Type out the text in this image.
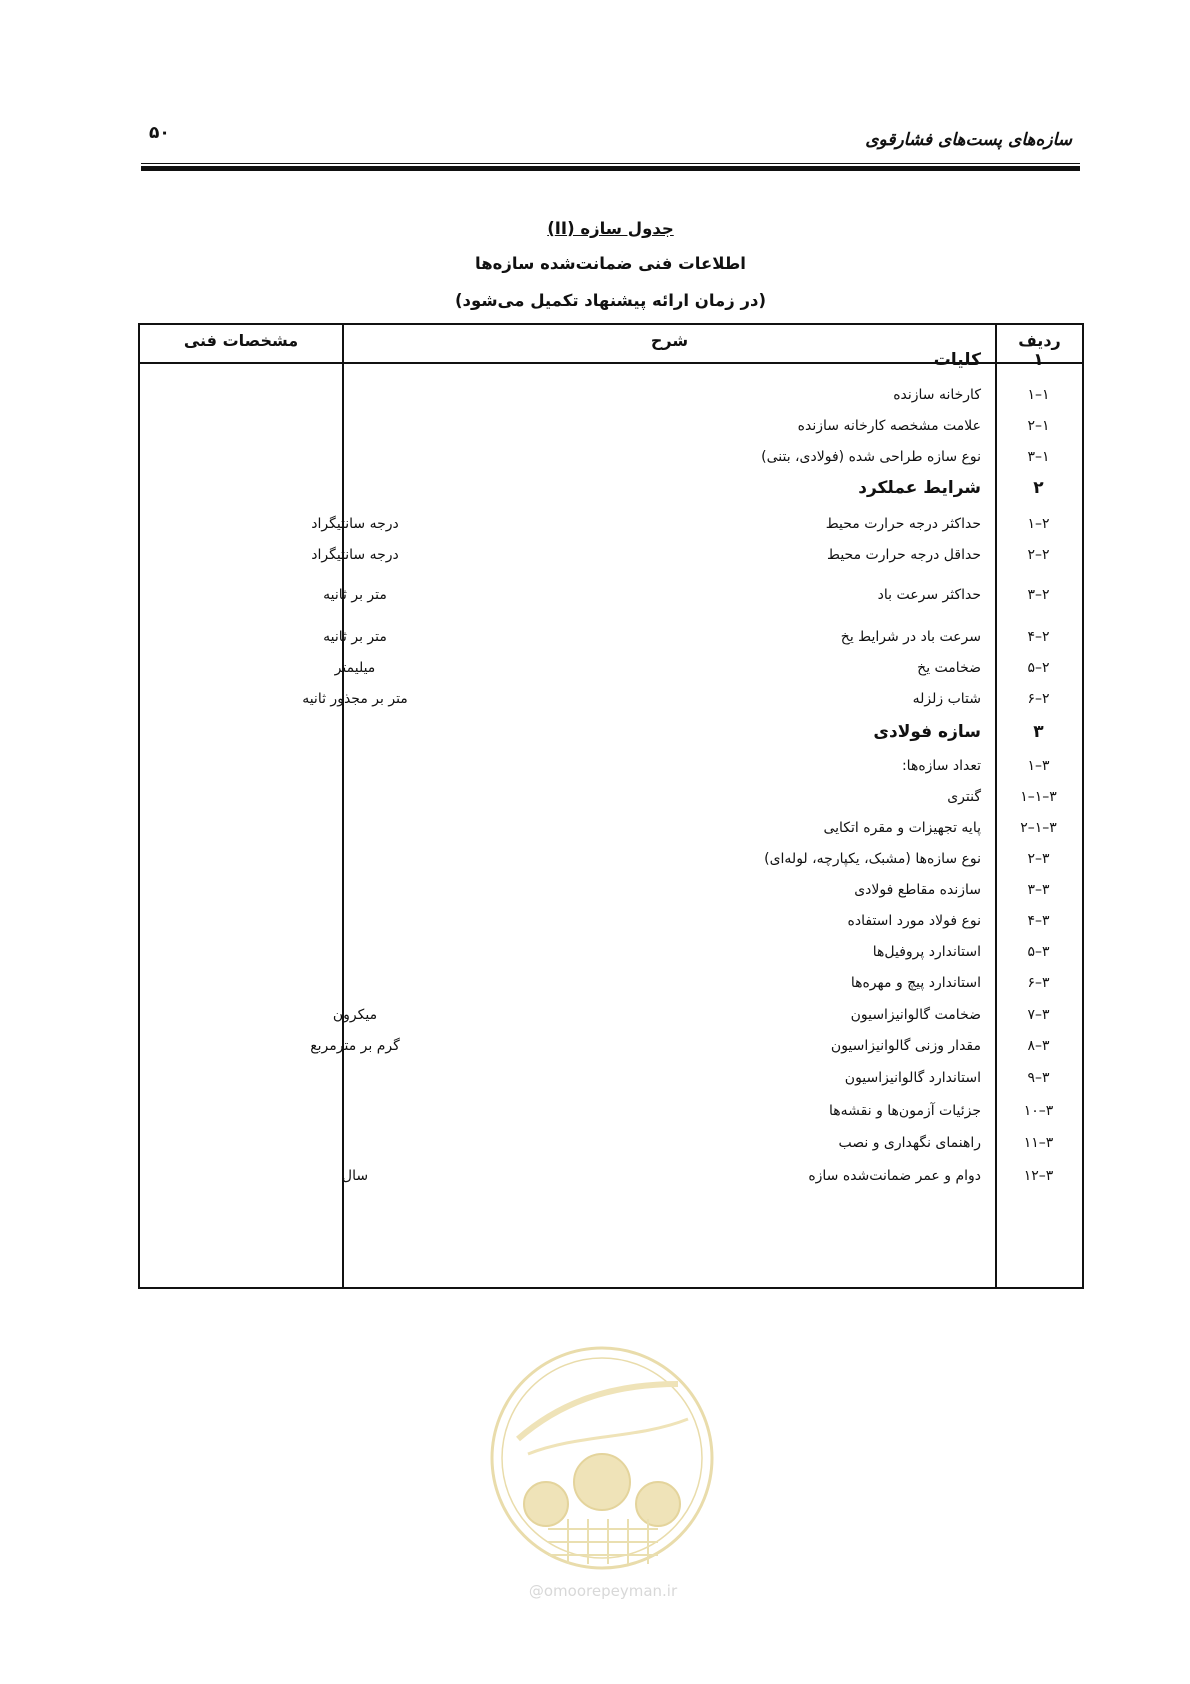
۵۰	سازه‌های پست‌های فشارقوی
جدول سازه (II)
اطلاعات فنی ضمانت‌شده سازه‌ها
(در زمان ارائه پیشنهاد تکمیل می‌شود)
ردیف
شرح
مشخصات فنی
۱
کلیات
۱–۱
کارخانه سازنده
۱–۲
علامت مشخصه کارخانه سازنده
۱–۳
نوع سازه طراحی شده (فولادی، بتنی)
۲
شرایط عملکرد
۲–۱
حداکثر درجه حرارت محیط
درجه سانتیگراد
۲–۲
حداقل درجه حرارت محیط
درجه سانتیگراد
۲–۳
حداکثر سرعت باد
متر بر ثانیه
۲–۴
سرعت باد در شرایط یخ
متر بر ثانیه
۲–۵
ضخامت یخ
میلیمتر
۲–۶
شتاب زلزله
متر بر مجذور ثانیه
۳
سازه فولادی
۳–۱
تعداد سازه‌ها:
۳–۱–۱
گنتری
۳–۱–۲
پایه تجهیزات و مقره اتکایی
۳–۲
نوع سازه‌ها (مشبک، یکپارچه، لوله‌ای)
۳–۳
سازنده مقاطع فولادی
۳–۴
نوع فولاد مورد استفاده
۳–۵
استاندارد پروفیل‌ها
۳–۶
استاندارد پیچ و مهره‌ها
۳–۷
ضخامت گالوانیزاسیون
میکرون
۳–۸
مقدار وزنی گالوانیزاسیون
گرم بر مترمربع
۳–۹
استاندارد گالوانیزاسیون
۳–۱۰
جزئیات آزمون‌ها و نقشه‌ها
۳–۱۱
راهنمای نگهداری و نصب
۳–۱۲
دوام و عمر ضمانت‌شده سازه
سال
@omoorepeyman.ir
